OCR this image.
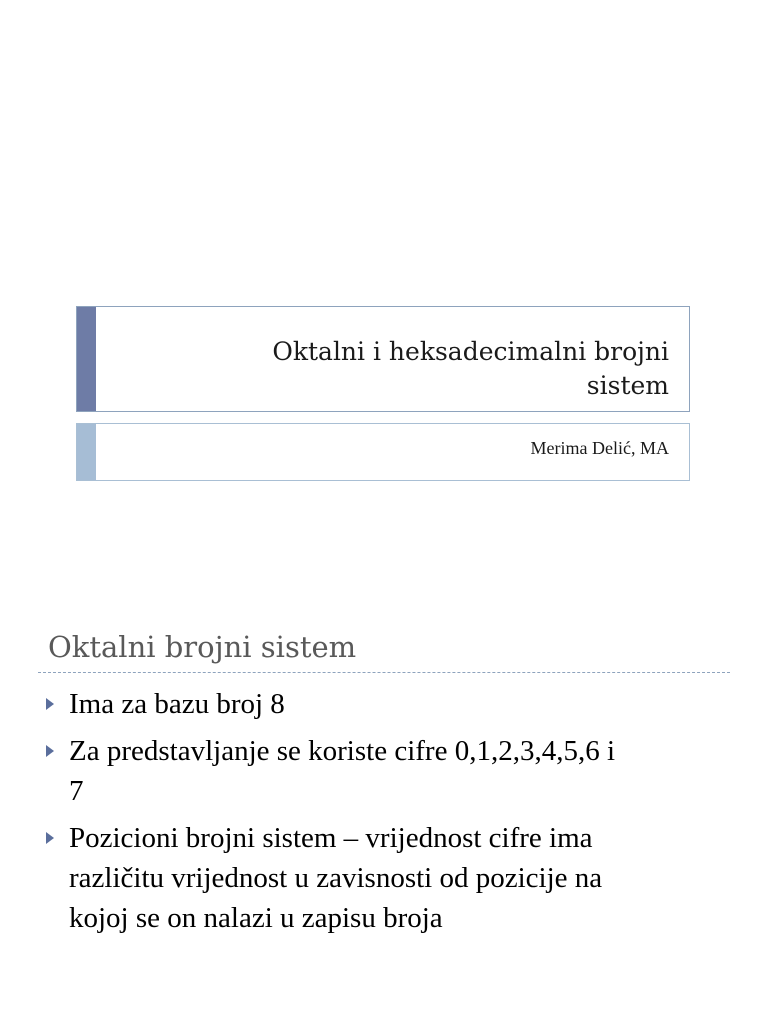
Oktalni i heksadecimalni brojni
sistem
Merima Delić, MA
Oktalni brojni sistem
Ima za bazu broj 8
Za predstavljanje se koriste cifre 0,1,2,3,4,5,6 i
7
Pozicioni brojni sistem – vrijednost cifre ima
različitu vrijednost u zavisnosti od pozicije na
kojoj se on nalazi u zapisu broja
